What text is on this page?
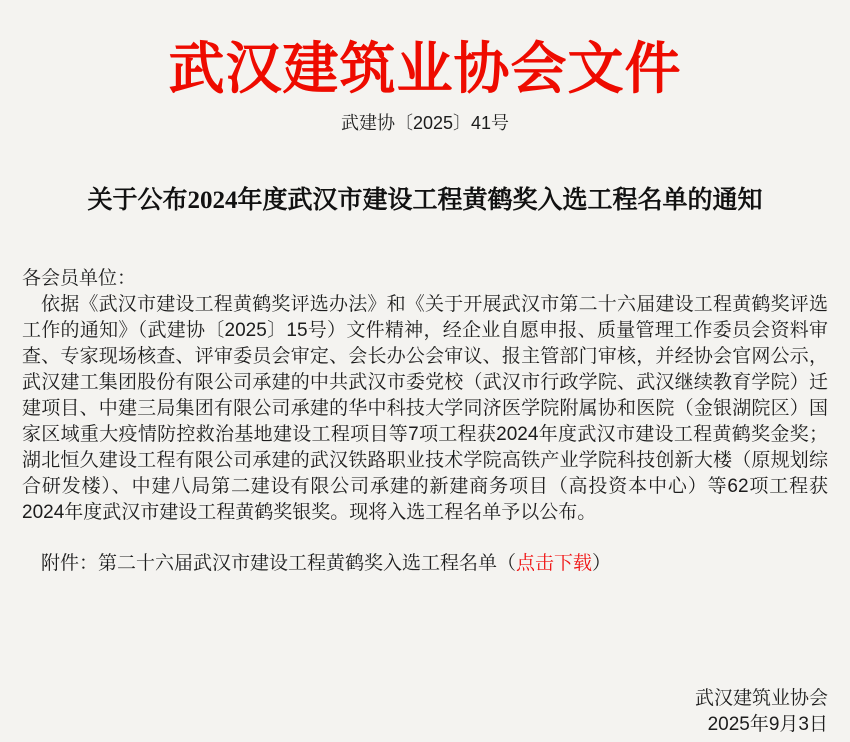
武汉建筑业协会文件
武建协〔2025〕41号
关于公布2024年度武汉市建设工程黄鹤奖入选工程名单的通知

各会员单位：

依据《武汉市建设工程黄鹤奖评选办法》和《关于开展武汉市第二十六届建设工程黄鹤奖评选工作的通知》（武建协〔2025〕15号）文件精神，经企业自愿申报、质量管理工作委员会资料审查、专家现场核查、评审委员会审定、会长办公会审议、报主管部门审核，并经协会官网公示，武汉建工集团股份有限公司承建的中共武汉市委党校（武汉市行政学院、武汉继续教育学院）迁建项目、中建三局集团有限公司承建的华中科技大学同济医学院附属协和医院（金银湖院区）国家区域重大疫情防控救治基地建设工程项目等7项工程获2024年度武汉市建设工程黄鹤奖金奖；湖北恒久建设工程有限公司承建的武汉铁路职业技术学院高铁产业学院科技创新大楼（原规划综合研发楼）、中建八局第二建设有限公司承建的新建商务项目（高投资本中心）等62项工程获2024年度武汉市建设工程黄鹤奖银奖。现将入选工程名单予以公布。

附件：第二十六届武汉市建设工程黄鹤奖入选工程名单（点击下载）

武汉建筑业协会
2025年9月3日
